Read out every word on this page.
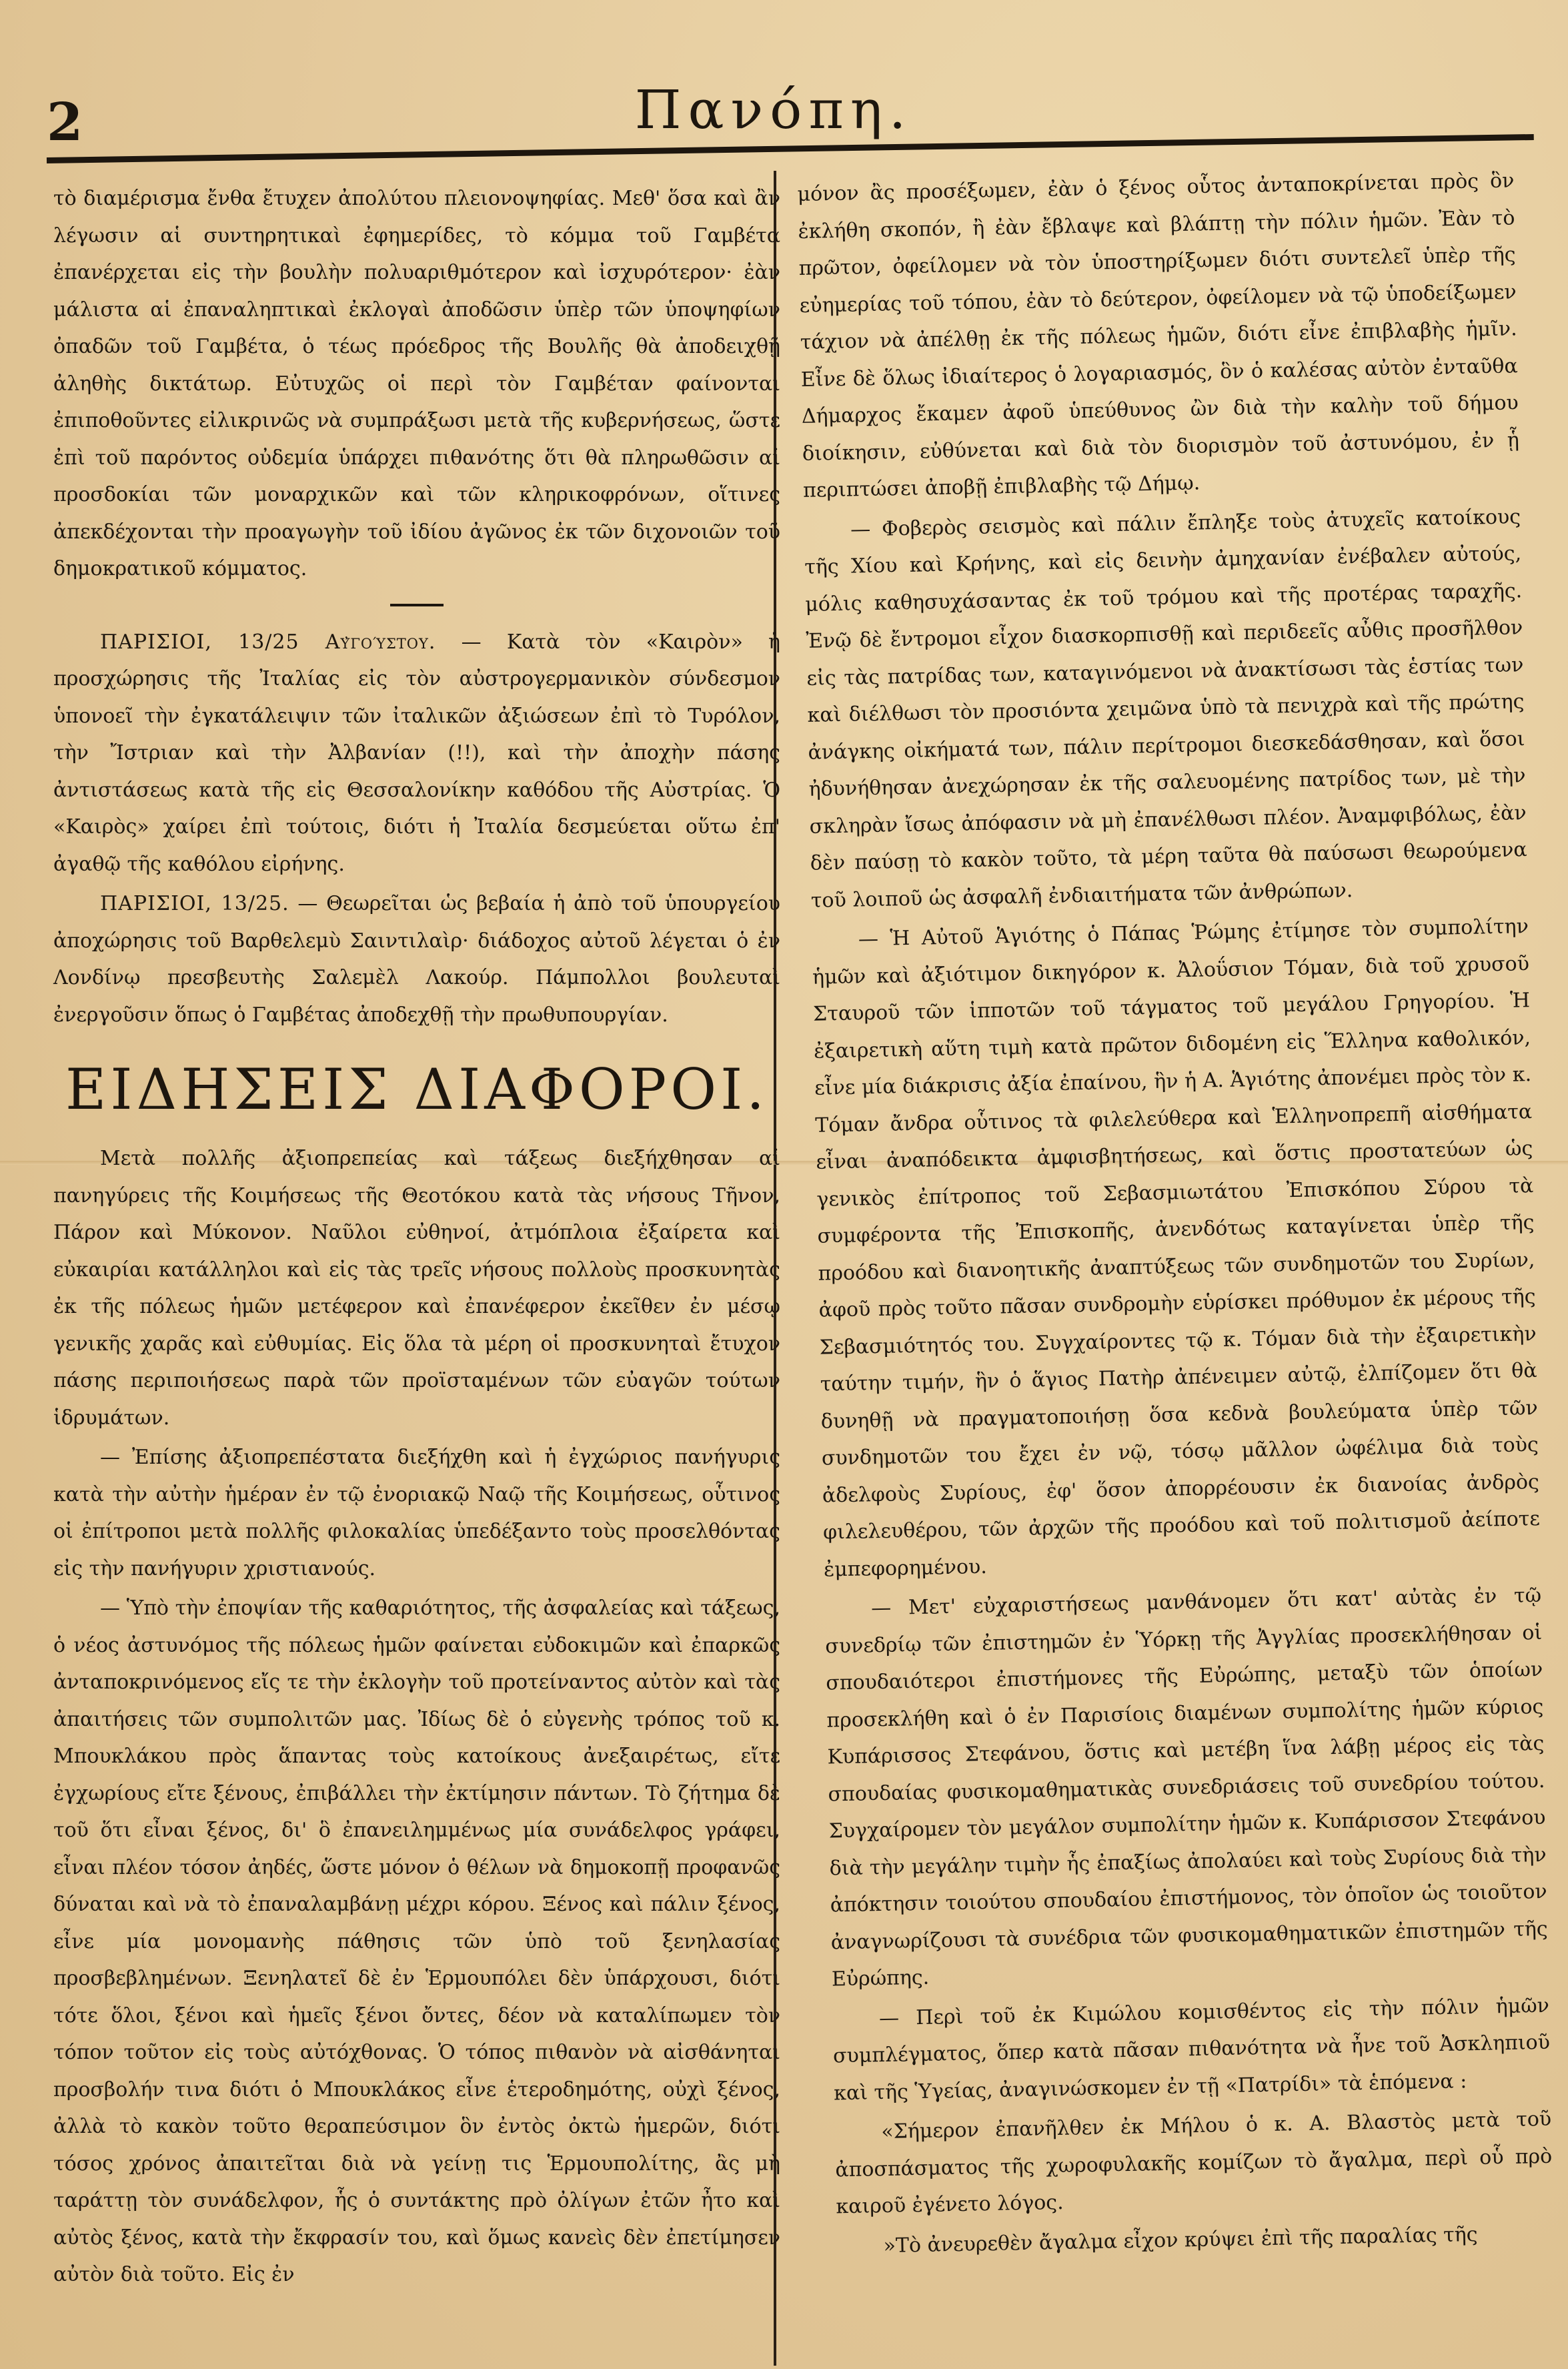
2	Πανόπη.

τὸ διαμέρισμα ἔνθα ἔτυχεν ἀπολύτου πλειονοψηφίας. Μεθ' ὅσα καὶ ἂν λέγωσιν αἱ συντηρητικαὶ ἐφημερίδες, τὸ κόμμα τοῦ Γαμβέτα ἐπανέρχεται εἰς τὴν βουλὴν πολυαριθμότερον καὶ ἰσχυρότερον· ἐὰν μάλιστα αἱ ἐπαναληπτικαὶ ἐκλογαὶ ἀποδῶσιν ὑπὲρ τῶν ὑποψηφίων ὀπαδῶν τοῦ Γαμβέτα, ὁ τέως πρόεδρος τῆς Βουλῆς θὰ ἀποδειχθῇ ἀληθὴς δικτάτωρ. Εὐτυχῶς οἱ περὶ τὸν Γαμβέταν φαίνονται ἐπιποθοῦντες εἰλικρινῶς νὰ συμπράξωσι μετὰ τῆς κυβερνήσεως, ὥστε ἐπὶ τοῦ παρόντος οὐδεμία ὑπάρχει πιθανότης ὅτι θὰ πληρωθῶσιν αἱ προσδοκίαι τῶν μοναρχικῶν καὶ τῶν κληρικοφρόνων, οἵτινες ἀπεκδέχονται τὴν προαγωγὴν τοῦ ἰδίου ἀγῶνος ἐκ τῶν διχονοιῶν τοῦ δημοκρατικοῦ κόμματος.

ΠΑΡΙΣΙΟΙ, 13/25 Αὐγούστου. — Κατὰ τὸν «Καιρὸν» ἡ προσχώρησις τῆς Ἰταλίας εἰς τὸν αὐστρογερμανικὸν σύνδεσμον ὑπονοεῖ τὴν ἐγκατάλειψιν τῶν ἰταλικῶν ἀξιώσεων ἐπὶ τὸ Τυρόλον, τὴν Ἴστριαν καὶ τὴν Ἀλβανίαν (!!), καὶ τὴν ἀποχὴν πάσης ἀντιστάσεως κατὰ τῆς εἰς Θεσσαλονίκην καθόδου τῆς Αὐστρίας. Ὁ «Καιρὸς» χαίρει ἐπὶ τούτοις, διότι ἡ Ἰταλία δεσμεύεται οὕτω ἐπ' ἀγαθῷ τῆς καθόλου εἰρήνης.

ΠΑΡΙΣΙΟΙ, 13/25. — Θεωρεῖται ὡς βεβαία ἡ ἀπὸ τοῦ ὑπουργείου ἀποχώρησις τοῦ Βαρθελεμὺ Σαιντιλαὶρ· διάδοχος αὐτοῦ λέγεται ὁ ἐν Λονδίνῳ πρεσβευτὴς Σαλεμὲλ Λακούρ. Πάμπολλοι βουλευταὶ ἐνεργοῦσιν ὅπως ὁ Γαμβέτας ἀποδεχθῇ τὴν πρωθυπουργίαν.

ΕΙΔΗΣΕΙΣ ΔΙΑΦΟΡΟΙ.

Μετὰ πολλῆς ἀξιοπρεπείας καὶ τάξεως διεξήχθησαν αἱ πανηγύρεις τῆς Κοιμήσεως τῆς Θεοτόκου κατὰ τὰς νήσους Τῆνον, Πάρον καὶ Μύκονον. Ναῦλοι εὐθηνοί, ἀτμόπλοια ἐξαίρετα καὶ εὐκαιρίαι κατάλληλοι καὶ εἰς τὰς τρεῖς νήσους πολλοὺς προσκυνητὰς ἐκ τῆς πόλεως ἡμῶν μετέφερον καὶ ἐπανέφερον ἐκεῖθεν ἐν μέσῳ γενικῆς χαρᾶς καὶ εὐθυμίας. Εἰς ὅλα τὰ μέρη οἱ προσκυνηταὶ ἔτυχον πάσης περιποιήσεως παρὰ τῶν προϊσταμένων τῶν εὐαγῶν τούτων ἱδρυμάτων.

— Ἐπίσης ἀξιοπρεπέστατα διεξήχθη καὶ ἡ ἐγχώριος πανήγυρις κατὰ τὴν αὐτὴν ἡμέραν ἐν τῷ ἐνοριακῷ Ναῷ τῆς Κοιμήσεως, οὗτινος οἱ ἐπίτροποι μετὰ πολλῆς φιλοκαλίας ὑπεδέξαντο τοὺς προσελθόντας εἰς τὴν πανήγυριν χριστιανούς.

— Ὑπὸ τὴν ἐποψίαν τῆς καθαριότητος, τῆς ἀσφαλείας καὶ τάξεως, ὁ νέος ἀστυνόμος τῆς πόλεως ἡμῶν φαίνεται εὐδοκιμῶν καὶ ἐπαρκῶς ἀνταποκρινόμενος εἴς τε τὴν ἐκλογὴν τοῦ προτείναντος αὐτὸν καὶ τὰς ἀπαιτήσεις τῶν συμπολιτῶν μας. Ἰδίως δὲ ὁ εὐγενὴς τρόπος τοῦ κ. Μπουκλάκου πρὸς ἅπαντας τοὺς κατοίκους ἀνεξαιρέτως, εἴτε ἐγχωρίους εἴτε ξένους, ἐπιβάλλει τὴν ἐκτίμησιν πάντων. Τὸ ζήτημα δὲ τοῦ ὅτι εἶναι ξένος, δι' ὃ ἐπανειλημμένως μία συνάδελφος γράφει, εἶναι πλέον τόσον ἀηδές, ὥστε μόνον ὁ θέλων νὰ δημοκοπῇ προφανῶς δύναται καὶ νὰ τὸ ἐπαναλαμβάνῃ μέχρι κόρου. Ξένος καὶ πάλιν ξένος, εἶνε μία μονομανὴς πάθησις τῶν ὑπὸ τοῦ ξενηλασίας προσβεβλημένων. Ξενηλατεῖ δὲ ἐν Ἑρμουπόλει δὲν ὑπάρχουσι, διότι τότε ὅλοι, ξένοι καὶ ἡμεῖς ξένοι ὄντες, δέον νὰ καταλίπωμεν τὸν τόπον τοῦτον εἰς τοὺς αὐτόχθονας. Ὁ τόπος πιθανὸν νὰ αἰσθάνηται προσβολήν τινα διότι ὁ Μπουκλάκος εἶνε ἑτεροδημότης, οὐχὶ ξένος, ἀλλὰ τὸ κακὸν τοῦτο θεραπεύσιμον ὃν ἐντὸς ὀκτὼ ἡμερῶν, διότι τόσος χρόνος ἀπαιτεῖται διὰ νὰ γείνῃ τις Ἑρμουπολίτης, ἂς μὴ ταράττῃ τὸν συνάδελφον, ἧς ὁ συντάκτης πρὸ ὀλίγων ἐτῶν ἦτο καὶ αὐτὸς ξένος, κατὰ τὴν ἔκφρασίν του, καὶ ὅμως κανεὶς δὲν ἐπετίμησεν αὐτὸν διὰ τοῦτο. Εἰς ἐν

μόνον ἂς προσέξωμεν, ἐὰν ὁ ξένος οὗτος ἀνταποκρίνεται πρὸς ὃν ἐκλήθη σκοπόν, ἢ ἐὰν ἔβλαψε καὶ βλάπτῃ τὴν πόλιν ἡμῶν. Ἐὰν τὸ πρῶτον, ὀφείλομεν νὰ τὸν ὑποστηρίξωμεν διότι συντελεῖ ὑπὲρ τῆς εὐημερίας τοῦ τόπου, ἐὰν τὸ δεύτερον, ὀφείλομεν νὰ τῷ ὑποδείξωμεν τάχιον νὰ ἀπέλθῃ ἐκ τῆς πόλεως ἡμῶν, διότι εἶνε ἐπιβλαβὴς ἡμῖν. Εἶνε δὲ ὅλως ἰδιαίτερος ὁ λογαριασμός, ὃν ὁ καλέσας αὐτὸν ἐνταῦθα Δήμαρχος ἔκαμεν ἀφοῦ ὑπεύθυνος ὢν διὰ τὴν καλὴν τοῦ δήμου διοίκησιν, εὐθύνεται καὶ διὰ τὸν διορισμὸν τοῦ ἀστυνόμου, ἐν ᾗ περιπτώσει ἀποβῇ ἐπιβλαβὴς τῷ Δήμῳ.

— Φοβερὸς σεισμὸς καὶ πάλιν ἔπληξε τοὺς ἀτυχεῖς κατοίκους τῆς Χίου καὶ Κρήνης, καὶ εἰς δεινὴν ἀμηχανίαν ἐνέβαλεν αὐτούς, μόλις καθησυχάσαντας ἐκ τοῦ τρόμου καὶ τῆς προτέρας ταραχῆς. Ἐνῷ δὲ ἔντρομοι εἶχον διασκορπισθῇ καὶ περιδεεῖς αὖθις προσῆλθον εἰς τὰς πατρίδας των, καταγινόμενοι νὰ ἀνακτίσωσι τὰς ἑστίας των καὶ διέλθωσι τὸν προσιόντα χειμῶνα ὑπὸ τὰ πενιχρὰ καὶ τῆς πρώτης ἀνάγκης οἰκήματά των, πάλιν περίτρομοι διεσκεδάσθησαν, καὶ ὅσοι ἠδυνήθησαν ἀνεχώρησαν ἐκ τῆς σαλευομένης πατρίδος των, μὲ τὴν σκληρὰν ἴσως ἀπόφασιν νὰ μὴ ἐπανέλθωσι πλέον. Ἀναμφιβόλως, ἐὰν δὲν παύσῃ τὸ κακὸν τοῦτο, τὰ μέρη ταῦτα θὰ παύσωσι θεωρούμενα τοῦ λοιποῦ ὡς ἀσφαλῆ ἐνδιαιτήματα τῶν ἀνθρώπων.

— Ἡ Αὐτοῦ Ἁγιότης ὁ Πάπας Ῥώμης ἐτίμησε τὸν συμπολίτην ἡμῶν καὶ ἀξιότιμον δικηγόρον κ. Ἀλοΰσιον Τόμαν, διὰ τοῦ χρυσοῦ Σταυροῦ τῶν ἱπποτῶν τοῦ τάγματος τοῦ μεγάλου Γρηγορίου. Ἡ ἐξαιρετικὴ αὕτη τιμὴ κατὰ πρῶτον διδομένη εἰς Ἕλληνα καθολικόν, εἶνε μία διάκρισις ἀξία ἐπαίνου, ἣν ἡ Α. Ἁγιότης ἀπονέμει πρὸς τὸν κ. Τόμαν ἄνδρα οὗτινος τὰ φιλελεύθερα καὶ Ἑλληνοπρεπῆ αἰσθήματα εἶναι ἀναπόδεικτα ἀμφισβητήσεως, καὶ ὅστις προστατεύων ὡς γενικὸς ἐπίτροπος τοῦ Σεβασμιωτάτου Ἐπισκόπου Σύρου τὰ συμφέροντα τῆς Ἐπισκοπῆς, ἀνενδότως καταγίνεται ὑπὲρ τῆς προόδου καὶ διανοητικῆς ἀναπτύξεως τῶν συνδημοτῶν του Συρίων, ἀφοῦ πρὸς τοῦτο πᾶσαν συνδρομὴν εὑρίσκει πρόθυμον ἐκ μέρους τῆς Σεβασμιότητός του. Συγχαίροντες τῷ κ. Τόμαν διὰ τὴν ἐξαιρετικὴν ταύτην τιμήν, ἣν ὁ ἅγιος Πατὴρ ἀπένειμεν αὐτῷ, ἐλπίζομεν ὅτι θὰ δυνηθῇ νὰ πραγματοποιήσῃ ὅσα κεδνὰ βουλεύματα ὑπὲρ τῶν συνδημοτῶν του ἔχει ἐν νῷ, τόσῳ μᾶλλον ὠφέλιμα διὰ τοὺς ἀδελφοὺς Συρίους, ἐφ' ὅσον ἀπορρέουσιν ἐκ διανοίας ἀνδρὸς φιλελευθέρου, τῶν ἀρχῶν τῆς προόδου καὶ τοῦ πολιτισμοῦ ἀείποτε ἐμπεφορημένου.

— Μετ' εὐχαριστήσεως μανθάνομεν ὅτι κατ' αὐτὰς ἐν τῷ συνεδρίῳ τῶν ἐπιστημῶν ἐν Ὑόρκῃ τῆς Ἀγγλίας προσεκλήθησαν οἱ σπουδαιότεροι ἐπιστήμονες τῆς Εὐρώπης, μεταξὺ τῶν ὁποίων προσεκλήθη καὶ ὁ ἐν Παρισίοις διαμένων συμπολίτης ἡμῶν κύριος Κυπάρισσος Στεφάνου, ὅστις καὶ μετέβη ἵνα λάβῃ μέρος εἰς τὰς σπουδαίας φυσικομαθηματικὰς συνεδριάσεις τοῦ συνεδρίου τούτου. Συγχαίρομεν τὸν μεγάλον συμπολίτην ἡμῶν κ. Κυπάρισσον Στεφάνου διὰ τὴν μεγάλην τιμὴν ἧς ἐπαξίως ἀπολαύει καὶ τοὺς Συρίους διὰ τὴν ἀπόκτησιν τοιούτου σπουδαίου ἐπιστήμονος, τὸν ὁποῖον ὡς τοιοῦτον ἀναγνωρίζουσι τὰ συνέδρια τῶν φυσικομαθηματικῶν ἐπιστημῶν τῆς Εὐρώπης.

— Περὶ τοῦ ἐκ Κιμώλου κομισθέντος εἰς τὴν πόλιν ἡμῶν συμπλέγματος, ὅπερ κατὰ πᾶσαν πιθανότητα νὰ ἦνε τοῦ Ἀσκληπιοῦ καὶ τῆς Ὑγείας, ἀναγινώσκομεν ἐν τῇ «Πατρίδι» τὰ ἑπόμενα :

«Σήμερον ἐπανῆλθεν ἐκ Μήλου ὁ κ. Α. Βλαστὸς μετὰ τοῦ ἀποσπάσματος τῆς χωροφυλακῆς κομίζων τὸ ἄγαλμα, περὶ οὗ πρὸ καιροῦ ἐγένετο λόγος.

»Τὸ ἀνευρεθὲν ἄγαλμα εἶχον κρύψει ἐπὶ τῆς παραλίας τῆς
